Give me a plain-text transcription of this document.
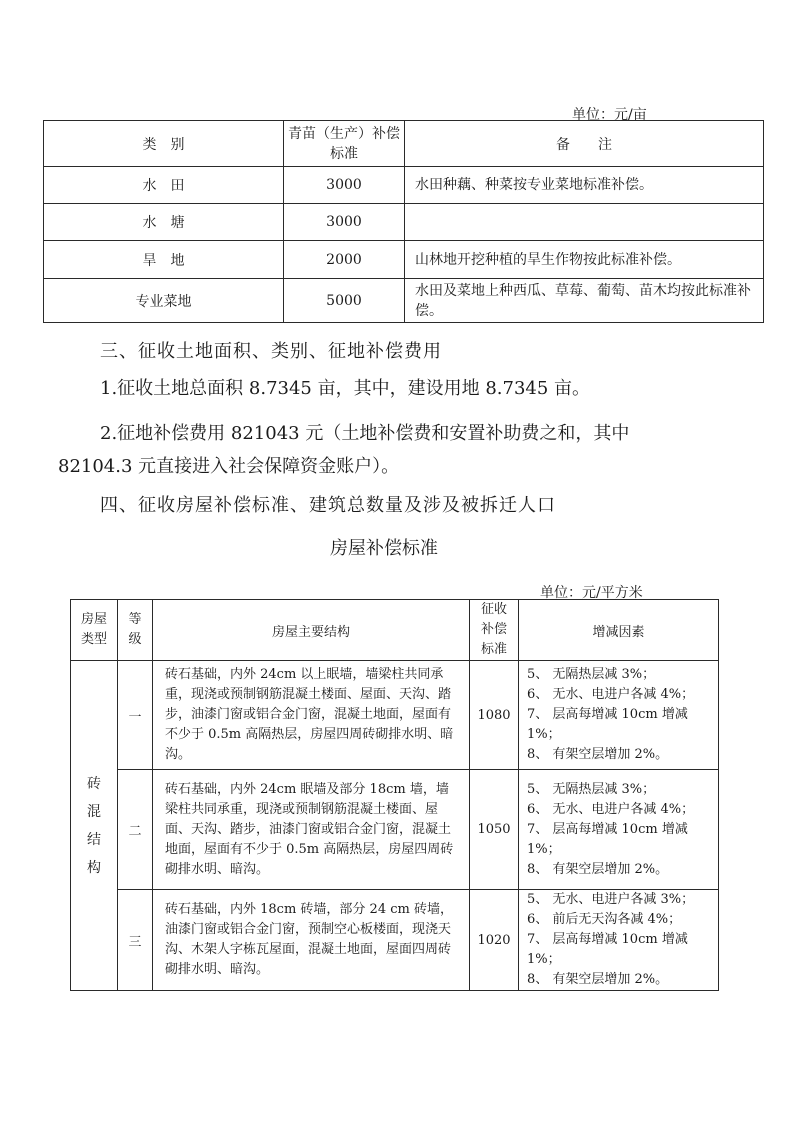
单位：元/亩
类　别	青苗（生产）补偿标准	备　　注
水　田	3000	水田种藕、种菜按专业菜地标准补偿。
水　塘	3000	
旱　地	2000	山林地开挖种植的旱生作物按此标准补偿。
专业菜地	5000	水田及菜地上种西瓜、草莓、葡萄、苗木均按此标准补偿。
三、征收土地面积、类别、征地补偿费用
1.征收土地总面积 8.7345 亩，其中，建设用地 8.7345 亩。
2.征地补偿费用 821043 元（土地补偿费和安置补助费之和，其中
82104.3 元直接进入社会保障资金账户）。
四、征收房屋补偿标准、建筑总数量及涉及被拆迁人口
房屋补偿标准
单位：元/平方米
房屋类型	等级	房屋主要结构	征收补偿标准	增减因素
砖混结构	一	砖石基础，内外 24cm 以上眠墙，墙梁柱共同承重，现浇或预制钢筋混凝土楼面、屋面、天沟、踏步，油漆门窗或铝合金门窗，混凝土地面，屋面有不少于 0.5m 高隔热层，房屋四周砖砌排水明、暗沟。	1080	5、 无隔热层减 3%；
6、 无水、电进户各减 4%；
7、 层高每增减 10cm 增减 1%；
8、 有架空层增加 2%。

	二	砖石基础，内外 24cm 眠墙及部分 18cm 墙，墙梁柱共同承重，现浇或预制钢筋混凝土楼面、屋面、天沟、踏步，油漆门窗或铝合金门窗，混凝土地面，屋面有不少于 0.5m 高隔热层，房屋四周砖砌排水明、暗沟。	1050	5、 无隔热层减 3%；
6、 无水、电进户各减 4%；
7、 层高每增减 10cm 增减 1%；
8、 有架空层增加 2%。

	三	砖石基础，内外 18cm 砖墙，部分 24 cm 砖墙，油漆门窗或铝合金门窗，预制空心板楼面，现浇天沟、木架人字栋瓦屋面，混凝土地面，屋面四周砖砌排水明、暗沟。	1020	5、 无水、电进户各减 3%；
6、 前后无天沟各减 4%；
7、 层高每增减 10cm 增减 1%；
8、 有架空层增加 2%。
